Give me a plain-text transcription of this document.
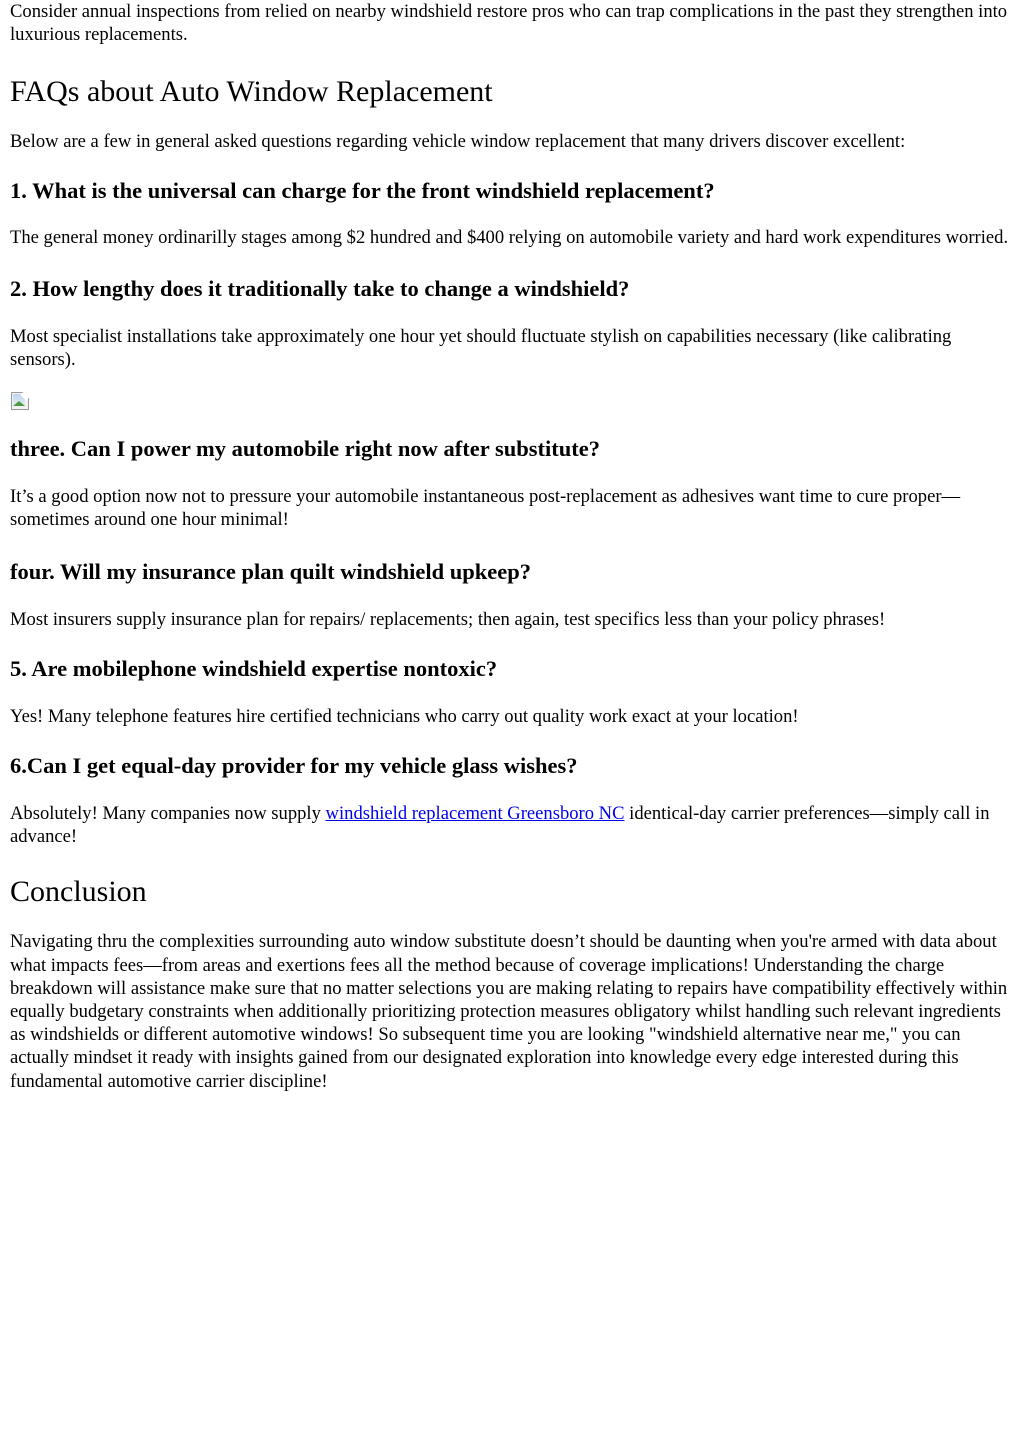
Consider annual inspections from relied on nearby windshield restore pros who can trap complications in the past they strengthen into luxurious replacements.

FAQs about Auto Window Replacement

Below are a few in general asked questions regarding vehicle window replacement that many drivers discover excellent:

1. What is the universal can charge for the front windshield replacement?

The general money ordinarilly stages among $2 hundred and $400 relying on automobile variety and hard work expenditures worried.

2. How lengthy does it traditionally take to change a windshield?

Most specialist installations take approximately one hour yet should fluctuate stylish on capabilities necessary (like calibrating sensors).

three. Can I power my automobile right now after substitute?

It’s a good option now not to pressure your automobile instantaneous post-replacement as adhesives want time to cure proper—sometimes around one hour minimal!

four. Will my insurance plan quilt windshield upkeep?

Most insurers supply insurance plan for repairs/ replacements; then again, test specifics less than your policy phrases!

5. Are mobilephone windshield expertise nontoxic?

Yes! Many telephone features hire certified technicians who carry out quality work exact at your location!

6.Can I get equal-day provider for my vehicle glass wishes?

Absolutely! Many companies now supply windshield replacement Greensboro NC identical-day carrier preferences—simply call in advance!

Conclusion

Navigating thru the complexities surrounding auto window substitute doesn’t should be daunting when you're armed with data about what impacts fees—from areas and exertions fees all the method because of coverage implications! Understanding the charge breakdown will assistance make sure that no matter selections you are making relating to repairs have compatibility effectively within equally budgetary constraints when additionally prioritizing protection measures obligatory whilst handling such relevant ingredients as windshields or different automotive windows! So subsequent time you are looking "windshield alternative near me," you can actually mindset it ready with insights gained from our designated exploration into knowledge every edge interested during this fundamental automotive carrier discipline!
